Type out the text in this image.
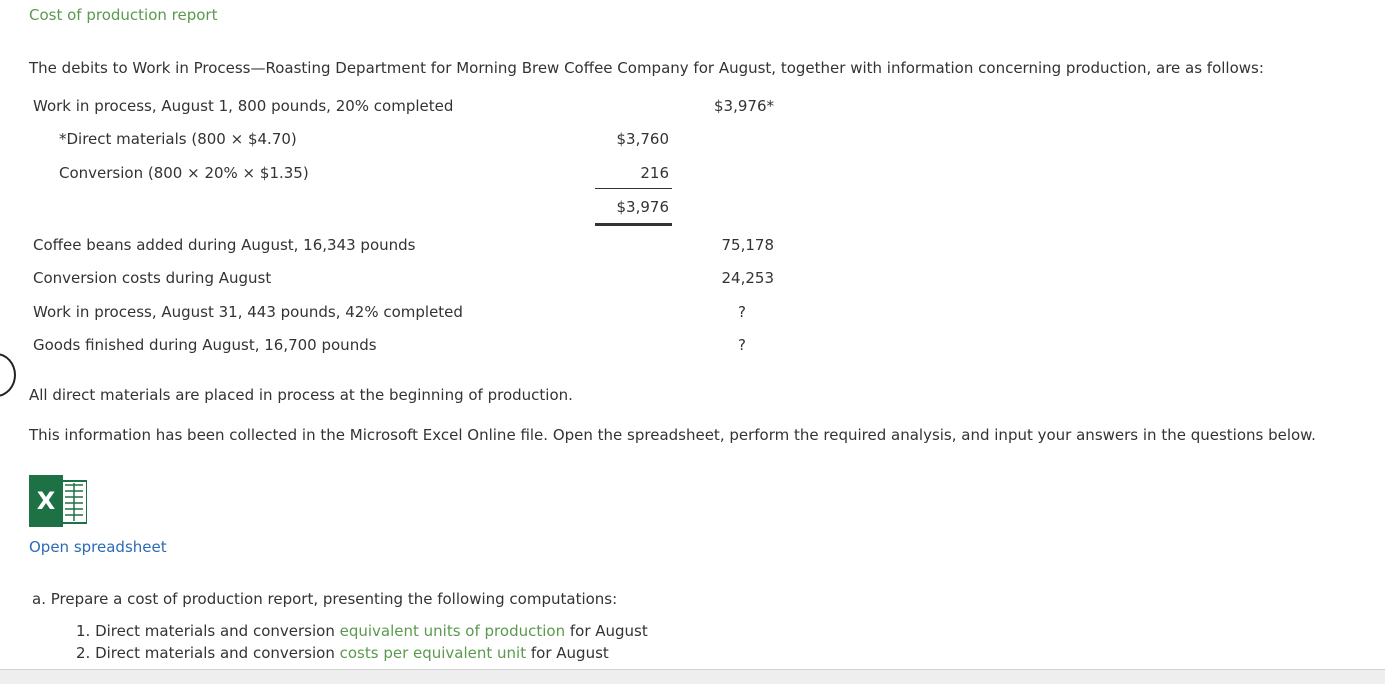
Cost of production report
The debits to Work in Process—Roasting Department for Morning Brew Coffee Company for August, together with information concerning production, are as follows:
Work in process, August 1, 800 pounds, 20% completed	$3,976*
*Direct materials (800 × $4.70)	$3,760
Conversion (800 × 20% × $1.35)	216
$3,976
Coffee beans added during August, 16,343 pounds	75,178
Conversion costs during August	24,253
Work in process, August 31, 443 pounds, 42% completed	?
Goods finished during August, 16,700 pounds	?
All direct materials are placed in process at the beginning of production.
This information has been collected in the Microsoft Excel Online file. Open the spreadsheet, perform the required analysis, and input your answers in the questions below.
X
Open spreadsheet
a. Prepare a cost of production report, presenting the following computations:
1. Direct materials and conversion equivalent units of production for August
2. Direct materials and conversion costs per equivalent unit for August
